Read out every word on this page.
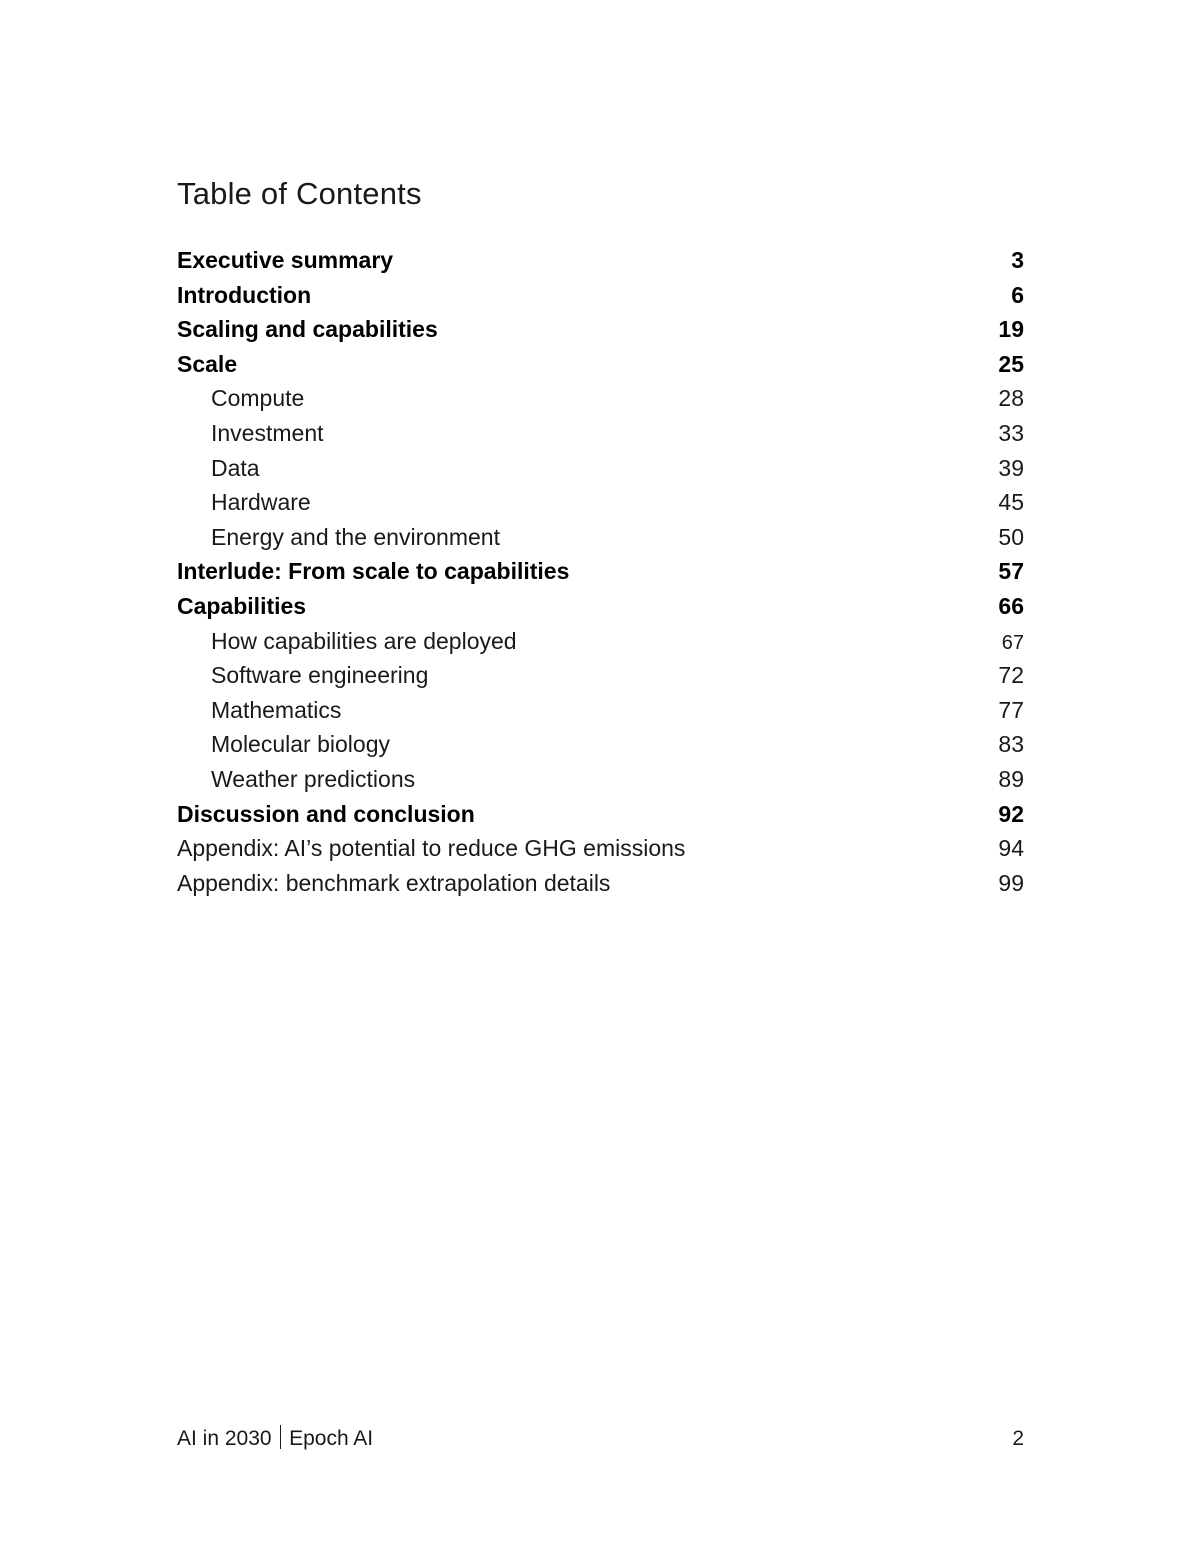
Table of Contents
Executive summary	3
Introduction	6
Scaling and capabilities	19
Scale	25
Compute	28
Investment	33
Data	39
Hardware	45
Energy and the environment	50
Interlude: From scale to capabilities	57
Capabilities	66
How capabilities are deployed	67
Software engineering	72
Mathematics	77
Molecular biology	83
Weather predictions	89
Discussion and conclusion	92
Appendix: AI’s potential to reduce GHG emissions	94
Appendix: benchmark extrapolation details	99
AI in 2030 Epoch AI	2
